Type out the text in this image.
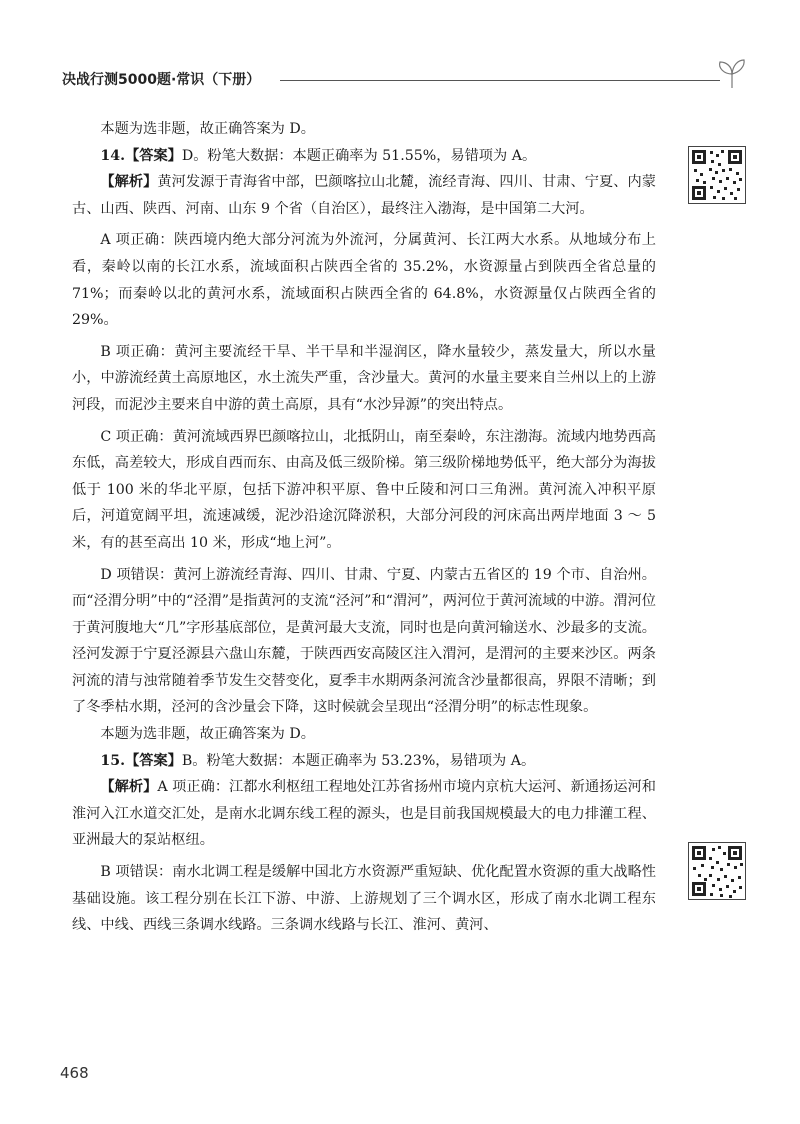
决战行测5000题·常识（下册）

本题为选非题，故正确答案为 D。

14.【答案】D。粉笔大数据：本题正确率为 51.55%，易错项为 A。

【解析】黄河发源于青海省中部，巴颜喀拉山北麓，流经青海、四川、甘肃、宁夏、内蒙古、山西、陕西、河南、山东 9 个省（自治区），最终注入渤海，是中国第二大河。

A 项正确：陕西境内绝大部分河流为外流河，分属黄河、长江两大水系。从地域分布上看，秦岭以南的长江水系，流域面积占陕西全省的 35.2%，水资源量占到陕西全省总量的 71%；而秦岭以北的黄河水系，流域面积占陕西全省的 64.8%，水资源量仅占陕西全省的 29%。

B 项正确：黄河主要流经干旱、半干旱和半湿润区，降水量较少，蒸发量大，所以水量小，中游流经黄土高原地区，水土流失严重，含沙量大。黄河的水量主要来自兰州以上的上游河段，而泥沙主要来自中游的黄土高原，具有“水沙异源”的突出特点。

C 项正确：黄河流域西界巴颜喀拉山，北抵阴山，南至秦岭，东注渤海。流域内地势西高东低，高差较大，形成自西而东、由高及低三级阶梯。第三级阶梯地势低平，绝大部分为海拔低于 100 米的华北平原，包括下游冲积平原、鲁中丘陵和河口三角洲。黄河流入冲积平原后，河道宽阔平坦，流速减缓，泥沙沿途沉降淤积，大部分河段的河床高出两岸地面 3 ～ 5 米，有的甚至高出 10 米，形成“地上河”。

D 项错误：黄河上游流经青海、四川、甘肃、宁夏、内蒙古五省区的 19 个市、自治州。而“泾渭分明”中的“泾渭”是指黄河的支流“泾河”和“渭河”，两河位于黄河流域的中游。渭河位于黄河腹地大“几”字形基底部位，是黄河最大支流，同时也是向黄河输送水、沙最多的支流。泾河发源于宁夏泾源县六盘山东麓，于陕西西安高陵区注入渭河，是渭河的主要来沙区。两条河流的清与浊常随着季节发生交替变化，夏季丰水期两条河流含沙量都很高，界限不清晰；到了冬季枯水期，泾河的含沙量会下降，这时候就会呈现出“泾渭分明”的标志性现象。

本题为选非题，故正确答案为 D。

15.【答案】B。粉笔大数据：本题正确率为 53.23%，易错项为 A。

【解析】A 项正确：江都水利枢纽工程地处江苏省扬州市境内京杭大运河、新通扬运河和淮河入江水道交汇处，是南水北调东线工程的源头，也是目前我国规模最大的电力排灌工程、亚洲最大的泵站枢纽。

B 项错误：南水北调工程是缓解中国北方水资源严重短缺、优化配置水资源的重大战略性基础设施。该工程分别在长江下游、中游、上游规划了三个调水区，形成了南水北调工程东线、中线、西线三条调水线路。三条调水线路与长江、淮河、黄河、

468
